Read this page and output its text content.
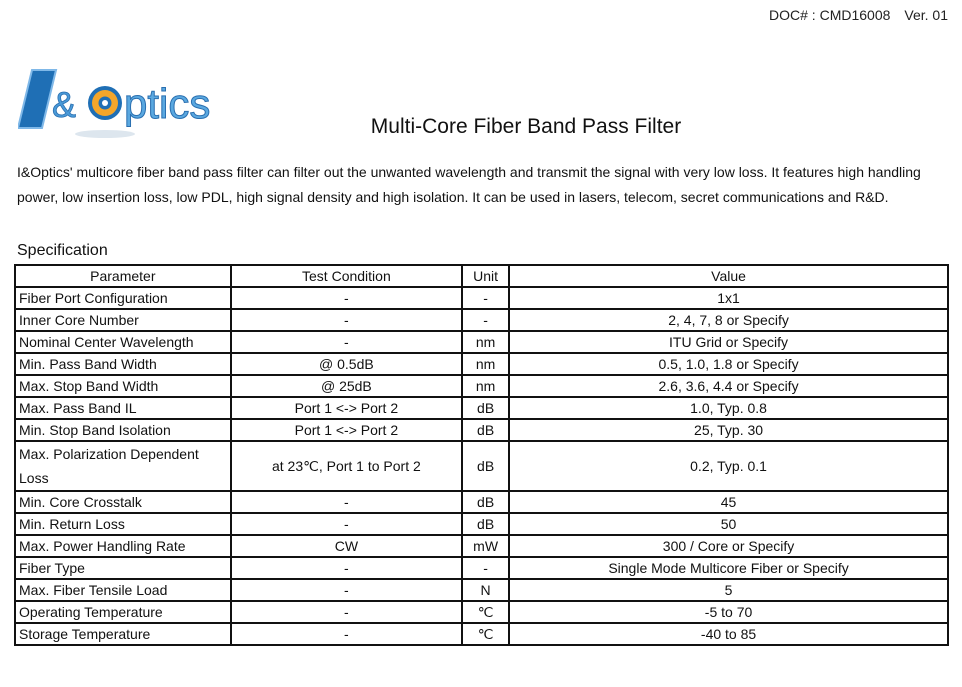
DOC# : CMD16008 Ver. 01
& ptics	Multi-Core Fiber Band Pass Filter

I&Optics' multicore fiber band pass filter can filter out the unwanted wavelength and transmit the signal with very low loss. It features high handling power, low insertion loss, low PDL, high signal density and high isolation. It can be used in lasers, telecom, secret communications and R&D.

Specification
Parameter	Test Condition	Unit	Value
Fiber Port Configuration	-	-	1x1
Inner Core Number	-	-	2, 4, 7, 8 or Specify
Nominal Center Wavelength	-	nm	ITU Grid or Specify
Min. Pass Band Width	@ 0.5dB	nm	0.5, 1.0, 1.8 or Specify
Max. Stop Band Width	@ 25dB	nm	2.6, 3.6, 4.4 or Specify
Max. Pass Band IL	Port 1 <-> Port 2	dB	1.0, Typ. 0.8
Min. Stop Band Isolation	Port 1 <-> Port 2	dB	25, Typ. 30
Max. Polarization Dependent Loss	at 23℃, Port 1 to Port 2	dB	0.2, Typ. 0.1
Min. Core Crosstalk	-	dB	45
Min. Return Loss	-	dB	50
Max. Power Handling Rate	CW	mW	300 / Core or Specify
Fiber Type	-	-	Single Mode Multicore Fiber or Specify
Max. Fiber Tensile Load	-	N	5
Operating Temperature	-	℃	-5 to 70
Storage Temperature	-	℃	-40 to 85
